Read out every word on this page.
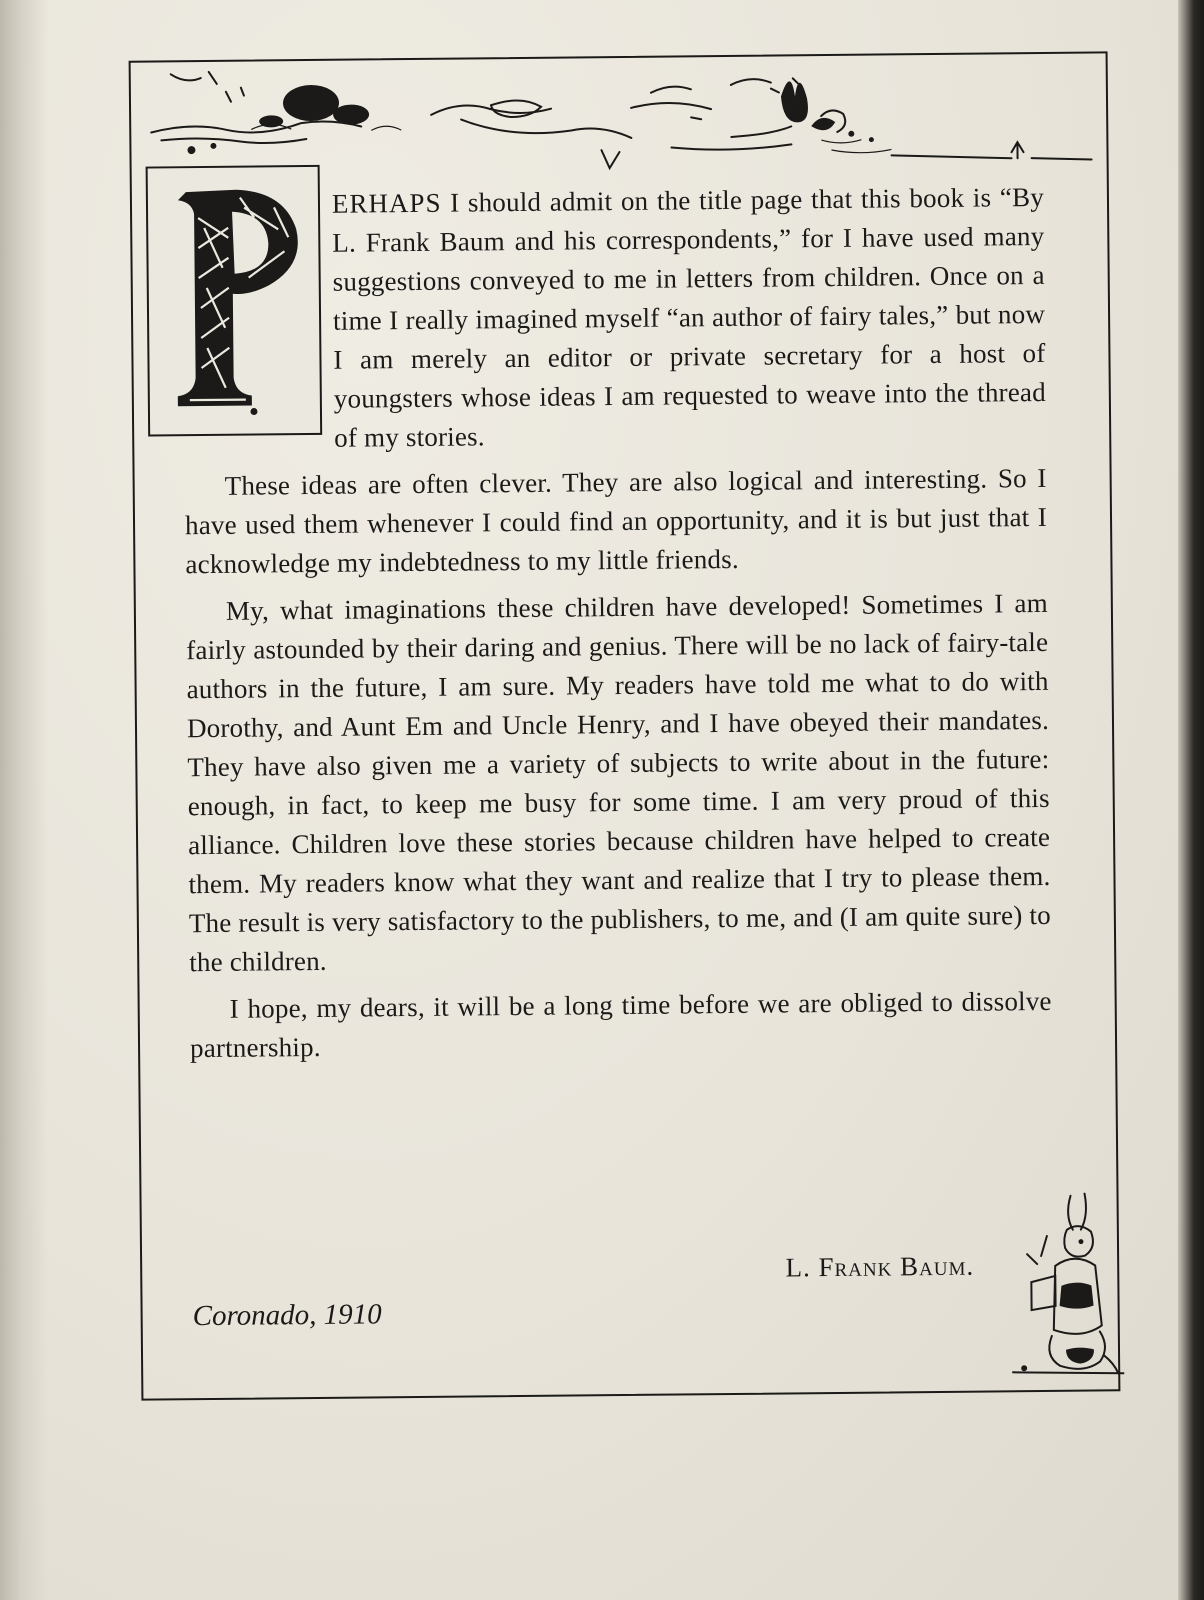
ERHAPS I should admit on the title page that this book is “By L. Frank Baum and his correspondents,” for I have used many suggestions conveyed to me in letters from children. Once on a time I really imagined myself “an author of fairy tales,” but now I am merely an editor or private secretary for a host of youngsters whose ideas I am requested to weave into the thread of my stories.

These ideas are often clever. They are also logical and interesting. So I have used them whenever I could find an opportunity, and it is but just that I acknowledge my indebtedness to my little friends.

My, what imaginations these children have developed! Sometimes I am fairly astounded by their daring and genius. There will be no lack of fairy-tale authors in the future, I am sure. My readers have told me what to do with Dorothy, and Aunt Em and Uncle Henry, and I have obeyed their mandates. They have also given me a variety of subjects to write about in the future: enough, in fact, to keep me busy for some time. I am very proud of this alliance. Children love these stories because children have helped to create them. My readers know what they want and realize that I try to please them. The result is very satisfactory to the publishers, to me, and (I am quite sure) to the children.

I hope, my dears, it will be a long time before we are obliged to dissolve partnership.

L. Frank Baum.
Coronado, 1910
